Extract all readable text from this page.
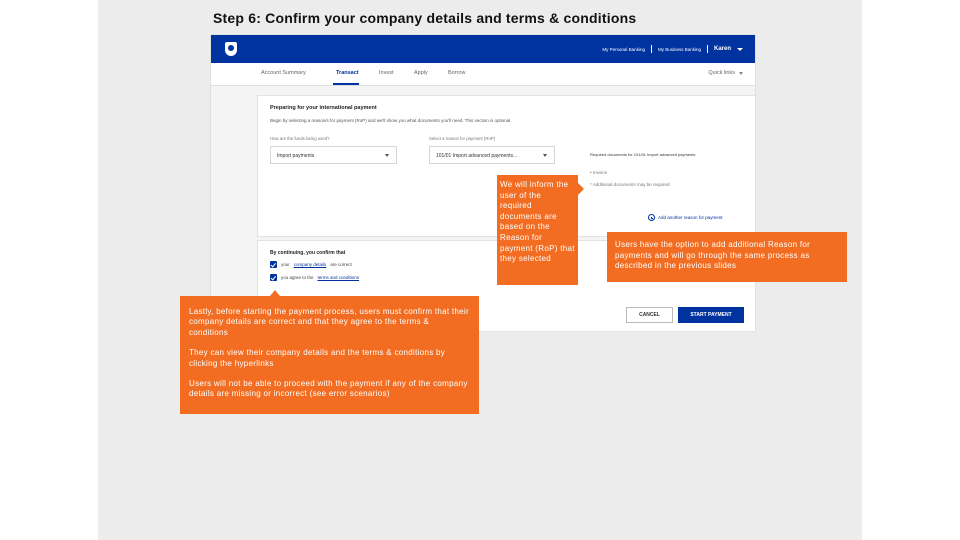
Step 6: Confirm your company details and terms & conditions
My Personal Banking	My Business Banking Karen
Account Summary	Transact	Invest	Apply	Borrow	Quick links
Preparing for your international payment
Begin by selecting a reason/s for payment (RoP) and we'll show you what documents you'll need. This section is optional.
How are the funds being used?
Import payments
Select a reason for payment (RoP)
101/01 Import advanced payments...	Required documents for 101/01 Import advanced payments
• Invoice
* Additional documents may be required
Add another reason for payment
By continuing, you confirm that
your company details are correct
you agree to the terms and conditions
CANCEL	START PAYMENT
We will inform the user of the required documents are based on the Reason for payment (RoP) that they selected
Users have the option to add additional Reason for payments and will go through the same process as described in the previous slides

Lastly, before starting the payment process, users must confirm that their company details are correct and that they agree to the terms & conditions

They can view their company details and the terms & conditions by clicking the hyperlinks

Users will not be able to proceed with the payment if any of the company details are missing or incorrect (see error scenarios)
